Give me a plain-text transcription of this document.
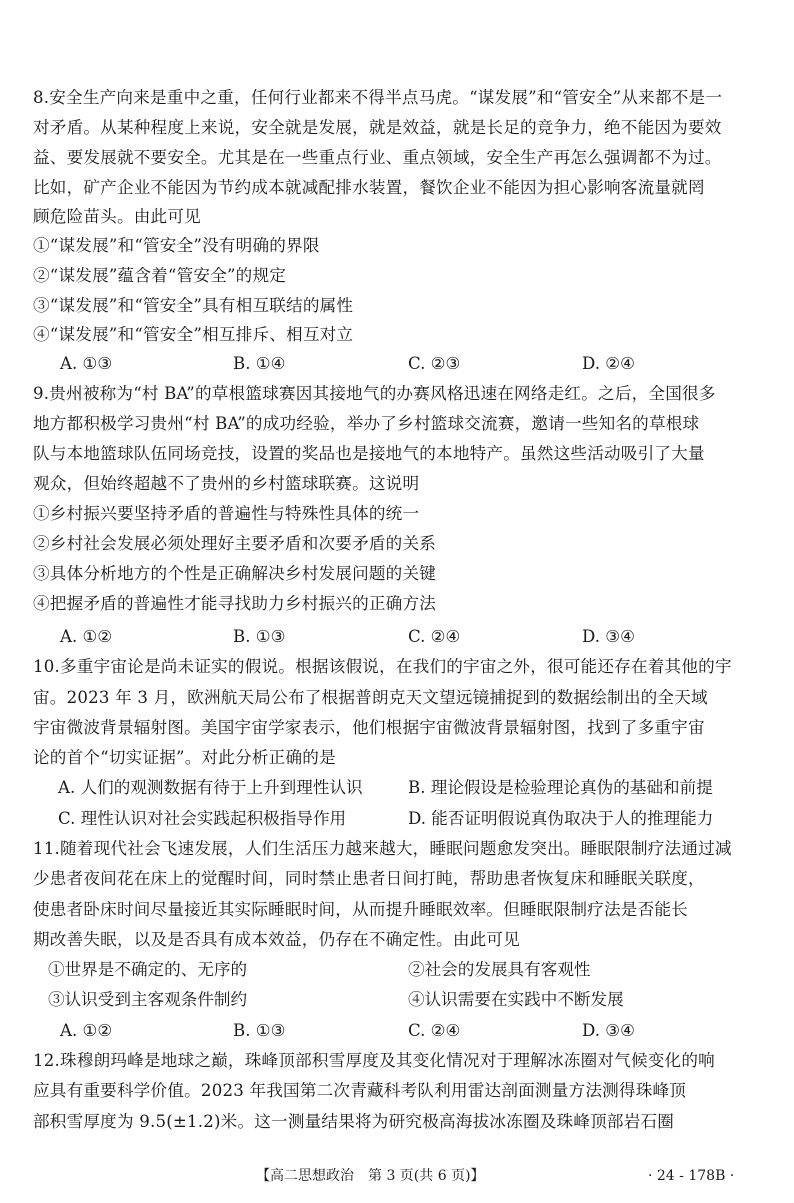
8.安全生产向来是重中之重，任何行业都来不得半点马虎。“谋发展”和“管安全”从来都不是一
对矛盾。从某种程度上来说，安全就是发展，就是效益，就是长足的竞争力，绝不能因为要效
益、要发展就不要安全。尤其是在一些重点行业、重点领域，安全生产再怎么强调都不为过。
比如，矿产企业不能因为节约成本就减配排水装置，餐饮企业不能因为担心影响客流量就罔
顾危险苗头。由此可见
①“谋发展”和“管安全”没有明确的界限
②“谋发展”蕴含着“管安全”的规定
③“谋发展”和“管安全”具有相互联结的属性
④“谋发展”和“管安全”相互排斥、相互对立
A. ①③	B. ①④	C. ②③	D. ②④
9.贵州被称为“村 BA”的草根篮球赛因其接地气的办赛风格迅速在网络走红。之后，全国很多
地方都积极学习贵州“村 BA”的成功经验，举办了乡村篮球交流赛，邀请一些知名的草根球
队与本地篮球队伍同场竞技，设置的奖品也是接地气的本地特产。虽然这些活动吸引了大量
观众，但始终超越不了贵州的乡村篮球联赛。这说明
①乡村振兴要坚持矛盾的普遍性与特殊性具体的统一
②乡村社会发展必须处理好主要矛盾和次要矛盾的关系
③具体分析地方的个性是正确解决乡村发展问题的关键
④把握矛盾的普遍性才能寻找助力乡村振兴的正确方法
A. ①②	B. ①③	C. ②④	D. ③④
10.多重宇宙论是尚未证实的假说。根据该假说，在我们的宇宙之外，很可能还存在着其他的宇
宙。2023 年 3 月，欧洲航天局公布了根据普朗克天文望远镜捕捉到的数据绘制出的全天域
宇宙微波背景辐射图。美国宇宙学家表示，他们根据宇宙微波背景辐射图，找到了多重宇宙
论的首个“切实证据”。对此分析正确的是
A. 人们的观测数据有待于上升到理性认识	B. 理论假设是检验理论真伪的基础和前提
C. 理性认识对社会实践起积极指导作用	D. 能否证明假说真伪取决于人的推理能力
11.随着现代社会飞速发展，人们生活压力越来越大，睡眠问题愈发突出。睡眠限制疗法通过减
少患者夜间花在床上的觉醒时间，同时禁止患者日间打盹，帮助患者恢复床和睡眠关联度，
使患者卧床时间尽量接近其实际睡眠时间，从而提升睡眠效率。但睡眠限制疗法是否能长
期改善失眠，以及是否具有成本效益，仍存在不确定性。由此可见
①世界是不确定的、无序的	②社会的发展具有客观性
③认识受到主客观条件制约	④认识需要在实践中不断发展
A. ①②	B. ①③	C. ②④	D. ③④
12.珠穆朗玛峰是地球之巅，珠峰顶部积雪厚度及其变化情况对于理解冰冻圈对气候变化的响
应具有重要科学价值。2023 年我国第二次青藏科考队利用雷达剖面测量方法测得珠峰顶
部积雪厚度为 9.5(±1.2)米。这一测量结果将为研究极高海拔冰冻圈及珠峰顶部岩石圈
【高二思想政治　第 3 页(共 6 页)】	· 24 - 178B ·
